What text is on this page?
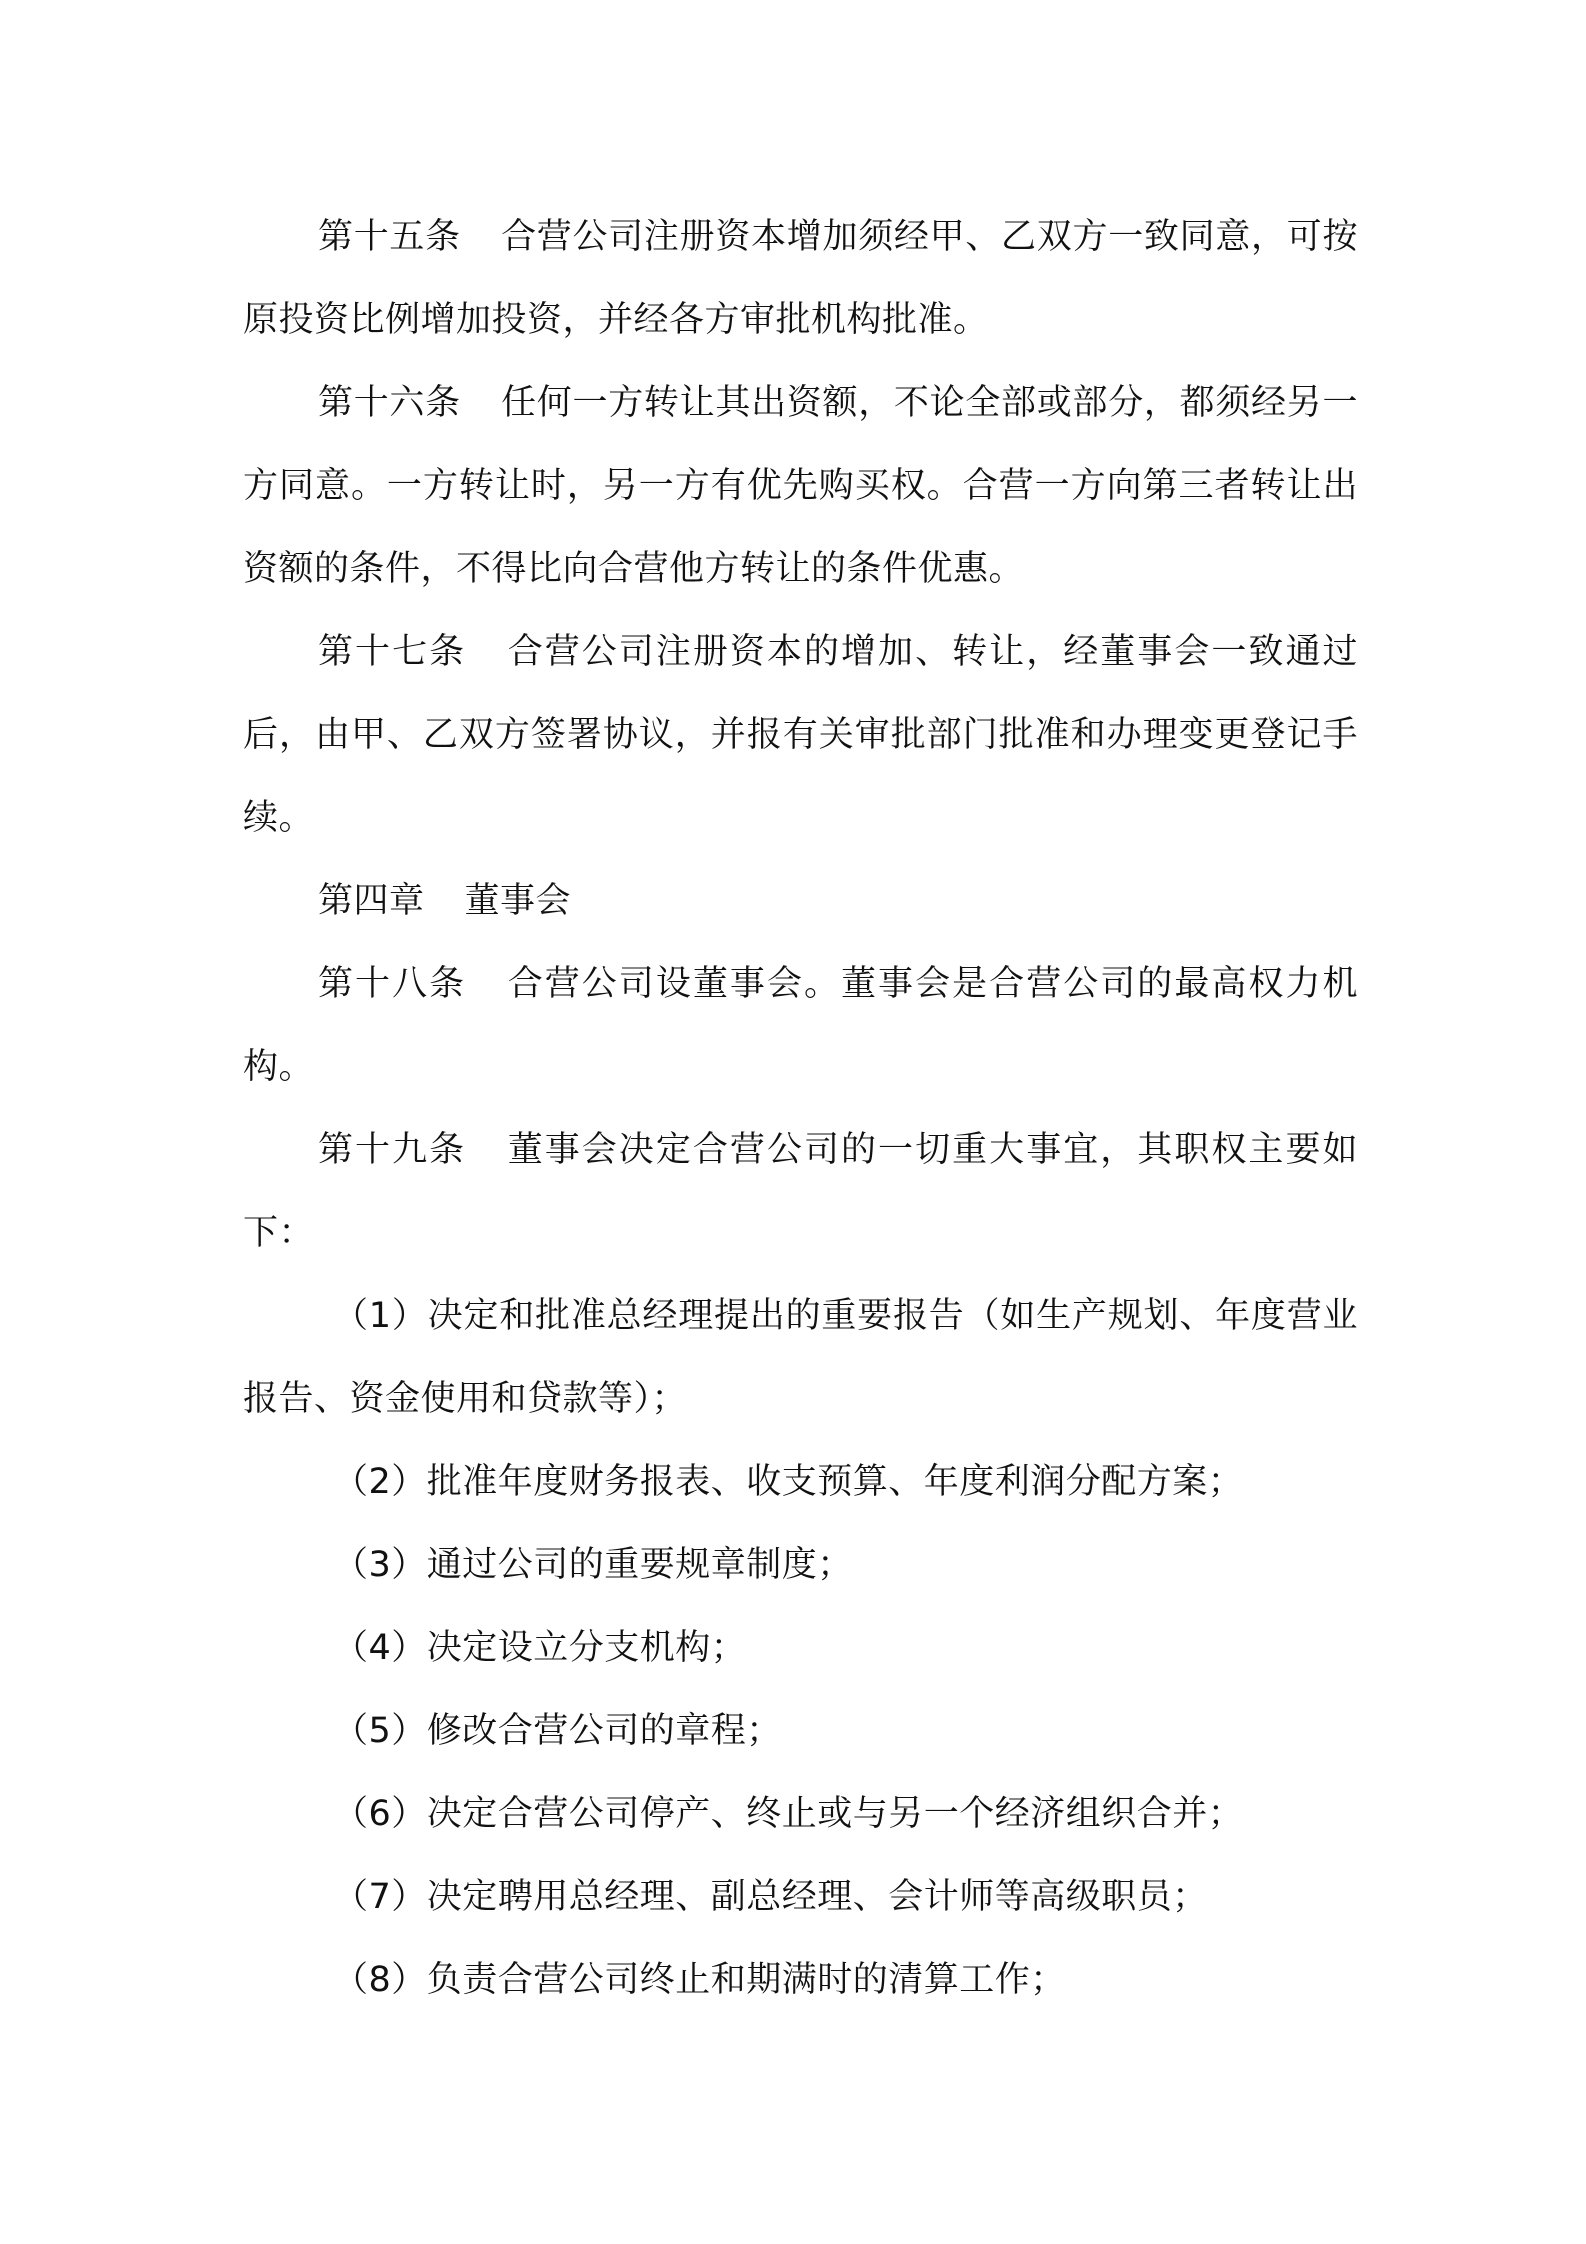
第十五条 合营公司注册资本增加须经甲、乙双方一致同意，可按原投资比例增加投资，并经各方审批机构批准。

第十六条 任何一方转让其出资额，不论全部或部分，都须经另一方同意。一方转让时，另一方有优先购买权。合营一方向第三者转让出资额的条件，不得比向合营他方转让的条件优惠。

第十七条 合营公司注册资本的增加、转让，经董事会一致通过后，由甲、乙双方签署协议，并报有关审批部门批准和办理变更登记手续。

第四章 董事会

第十八条 合营公司设董事会。董事会是合营公司的最高权力机构。

第十九条 董事会决定合营公司的一切重大事宜，其职权主要如下：

（1）决定和批准总经理提出的重要报告（如生产规划、年度营业报告、资金使用和贷款等）；

（2）批准年度财务报表、收支预算、年度利润分配方案；

（3）通过公司的重要规章制度；

（4）决定设立分支机构；

（5）修改合营公司的章程；

（6）决定合营公司停产、终止或与另一个经济组织合并；

（7）决定聘用总经理、副总经理、会计师等高级职员；

（8）负责合营公司终止和期满时的清算工作；
